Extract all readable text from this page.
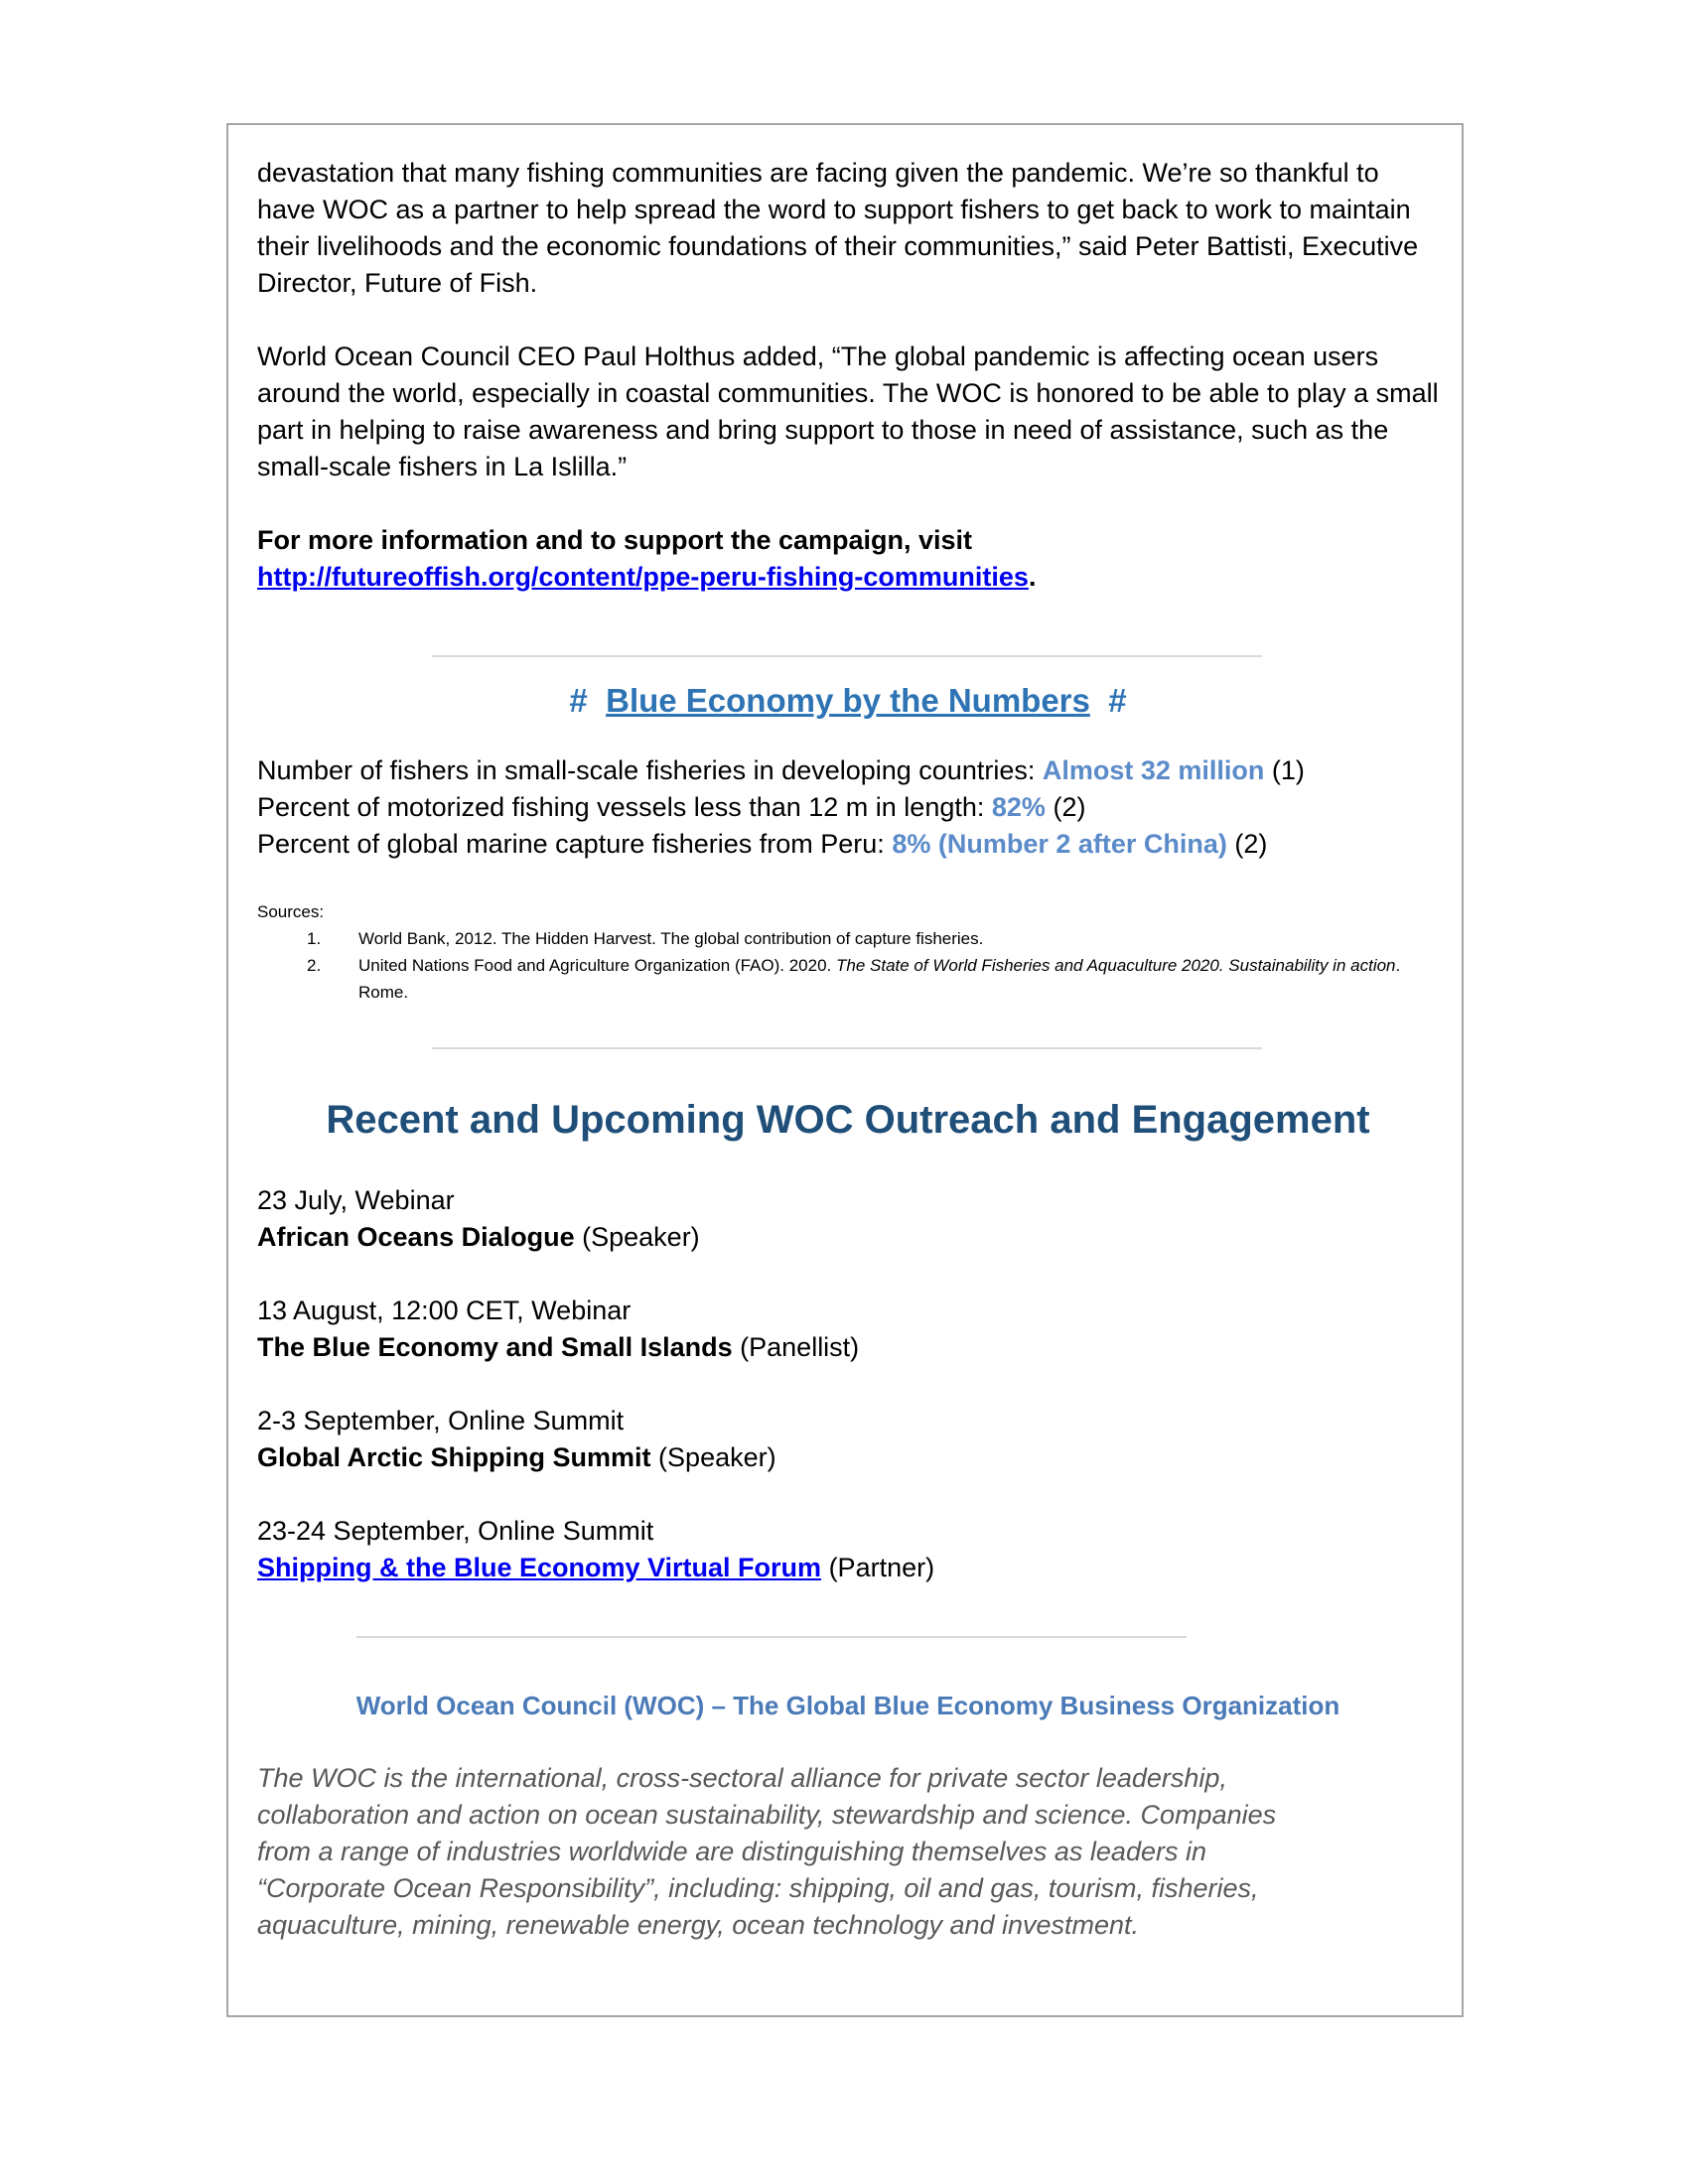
devastation that many fishing communities are facing given the pandemic. We’re so thankful to have WOC as a partner to help spread the word to support fishers to get back to work to maintain their livelihoods and the economic foundations of their communities,” said Peter Battisti, Executive Director, Future of Fish.

World Ocean Council CEO Paul Holthus added, “The global pandemic is affecting ocean users around the world, especially in coastal communities. The WOC is honored to be able to play a small part in helping to raise awareness and bring support to those in need of assistance, such as the small-scale fishers in La Islilla.”

For more information and to support the campaign, visit
http://futureoffish.org/content/ppe-peru-fishing-communities.

# Blue Economy by the Numbers #

Number of fishers in small-scale fisheries in developing countries: Almost 32 million (1)

Percent of motorized fishing vessels less than 12 m in length: 82% (2)

Percent of global marine capture fisheries from Peru: 8% (Number 2 after China) (2)

Sources:

1.	World Bank, 2012. The Hidden Harvest. The global contribution of capture fisheries.
2.	United Nations Food and Agriculture Organization (FAO). 2020. The State of World Fisheries and Aquaculture 2020. Sustainability in action. Rome.
Recent and Upcoming WOC Outreach and Engagement

23 July, Webinar

African Oceans Dialogue (Speaker)

13 August, 12:00 CET, Webinar

The Blue Economy and Small Islands (Panellist)

2-3 September, Online Summit

Global Arctic Shipping Summit (Speaker)

23-24 September, Online Summit

Shipping & the Blue Economy Virtual Forum (Partner)

World Ocean Council (WOC) – The Global Blue Economy Business Organization

The WOC is the international, cross-sectoral alliance for private sector leadership, collaboration and action on ocean sustainability, stewardship and science. Companies from a range of industries worldwide are distinguishing themselves as leaders in “Corporate Ocean Responsibility”, including: shipping, oil and gas, tourism, fisheries, aquaculture, mining, renewable energy, ocean technology and investment.
